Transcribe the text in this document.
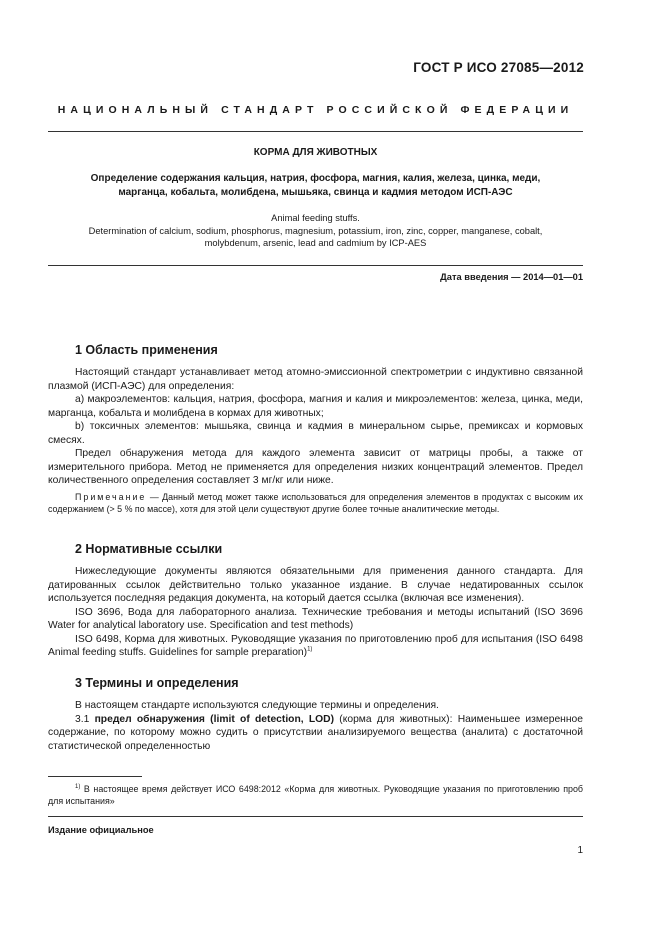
ГОСТ Р ИСО 27085—2012
НАЦИОНАЛЬНЫЙ СТАНДАРТ РОССИЙСКОЙ ФЕДЕРАЦИИ
КОРМА ДЛЯ ЖИВОТНЫХ
Определение содержания кальция, натрия, фосфора, магния, калия, железа, цинка, меди,
марганца, кобальта, молибдена, мышьяка, свинца и кадмия методом ИСП-АЭС
Animal feeding stuffs.
Determination of calcium, sodium, phosphorus, magnesium, potassium, iron, zinc, copper, manganese, cobalt,
molybdenum, arsenic, lead and cadmium by ICP-AES
Дата введения — 2014—01—01
1 Область применения

Настоящий стандарт устанавливает метод атомно-эмиссионной спектрометрии с индуктивно связанной плазмой (ИСП-АЭС) для определения:

a) макроэлементов: кальция, натрия, фосфора, магния и калия и микроэлементов: железа, цинка, меди, марганца, кобальта и молибдена в кормах для животных;

b) токсичных элементов: мышьяка, свинца и кадмия в минеральном сырье, премиксах и кормовых смесях.

Предел обнаружения метода для каждого элемента зависит от матрицы пробы, а также от измерительного прибора. Метод не применяется для определения низких концентраций элементов. Предел количественного определения составляет 3 мг/кг или ниже.

Примечание — Данный метод может также использоваться для определения элементов в продуктах с высоким их содержанием (> 5 % по массе), хотя для этой цели существуют другие более точные аналитические методы.
2 Нормативные ссылки

Нижеследующие документы являются обязательными для применения данного стандарта. Для датированных ссылок действительно только указанное издание. В случае недатированных ссылок используется последняя редакция документа, на который дается ссылка (включая все изменения).

ISO 3696, Вода для лабораторного анализа. Технические требования и методы испытаний (ISO 3696 Water for analytical laboratory use. Specification and test methods)

ISO 6498, Корма для животных. Руководящие указания по приготовлению проб для испытания (ISO 6498 Animal feeding stuffs. Guidelines for sample preparation)$^{1)}$

3 Термины и определения

В настоящем стандарте используются следующие термины и определения.

3.1 предел обнаружения (limit of detection, LOD) (корма для животных): Наименьшее измеренное содержание, по которому можно судить о присутствии анализируемого вещества (аналита) с достаточной статистической определенностью

$^{1)}$ В настоящее время действует ИСО 6498:2012 «Корма для животных. Руководящие указания по приготовлению проб для испытания»
Издание официальное
1
